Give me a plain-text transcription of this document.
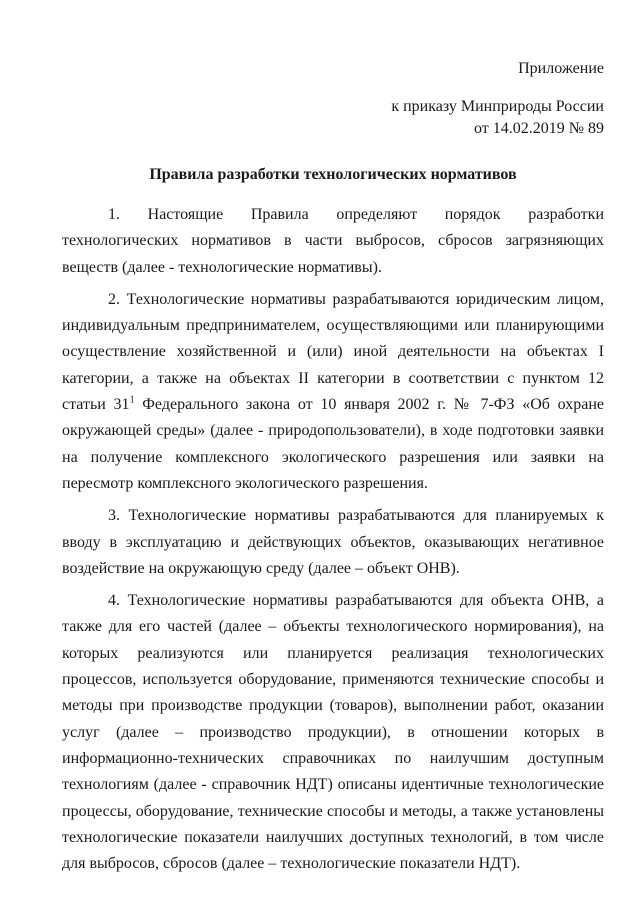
Приложение
к приказу Минприроды России
от 14.02.2019 № 89
Правила разработки технологических нормативов

1. Настоящие Правила определяют порядок разработки технологических нормативов в части выбросов, сбросов загрязняющих веществ (далее - технологические нормативы).

2. Технологические нормативы разрабатываются юридическим лицом, индивидуальным предпринимателем, осуществляющими или планирующими осуществление хозяйственной и (или) иной деятельности на объектах I категории, а также на объектах II категории в соответствии с пунктом 12 статьи $31^1$ Федерального закона от 10 января 2002 г. № 7-ФЗ «Об охране окружающей среды» (далее - природопользователи), в ходе подготовки заявки на получение комплексного экологического разрешения или заявки на пересмотр комплексного экологического разрешения.

3. Технологические нормативы разрабатываются для планируемых к вводу в эксплуатацию и действующих объектов, оказывающих негативное воздействие на окружающую среду (далее – объект ОНВ).

4. Технологические нормативы разрабатываются для объекта ОНВ, а также для его частей (далее – объекты технологического нормирования), на которых реализуются или планируется реализация технологических процессов, используется оборудование, применяются технические способы и методы при производстве продукции (товаров), выполнении работ, оказании услуг (далее – производство продукции), в отношении которых в информационно-технических справочниках по наилучшим доступным технологиям (далее - справочник НДТ) описаны идентичные технологические процессы, оборудование, технические способы и методы, а также установлены технологические показатели наилучших доступных технологий, в том числе для выбросов, сбросов (далее – технологические показатели НДТ).
